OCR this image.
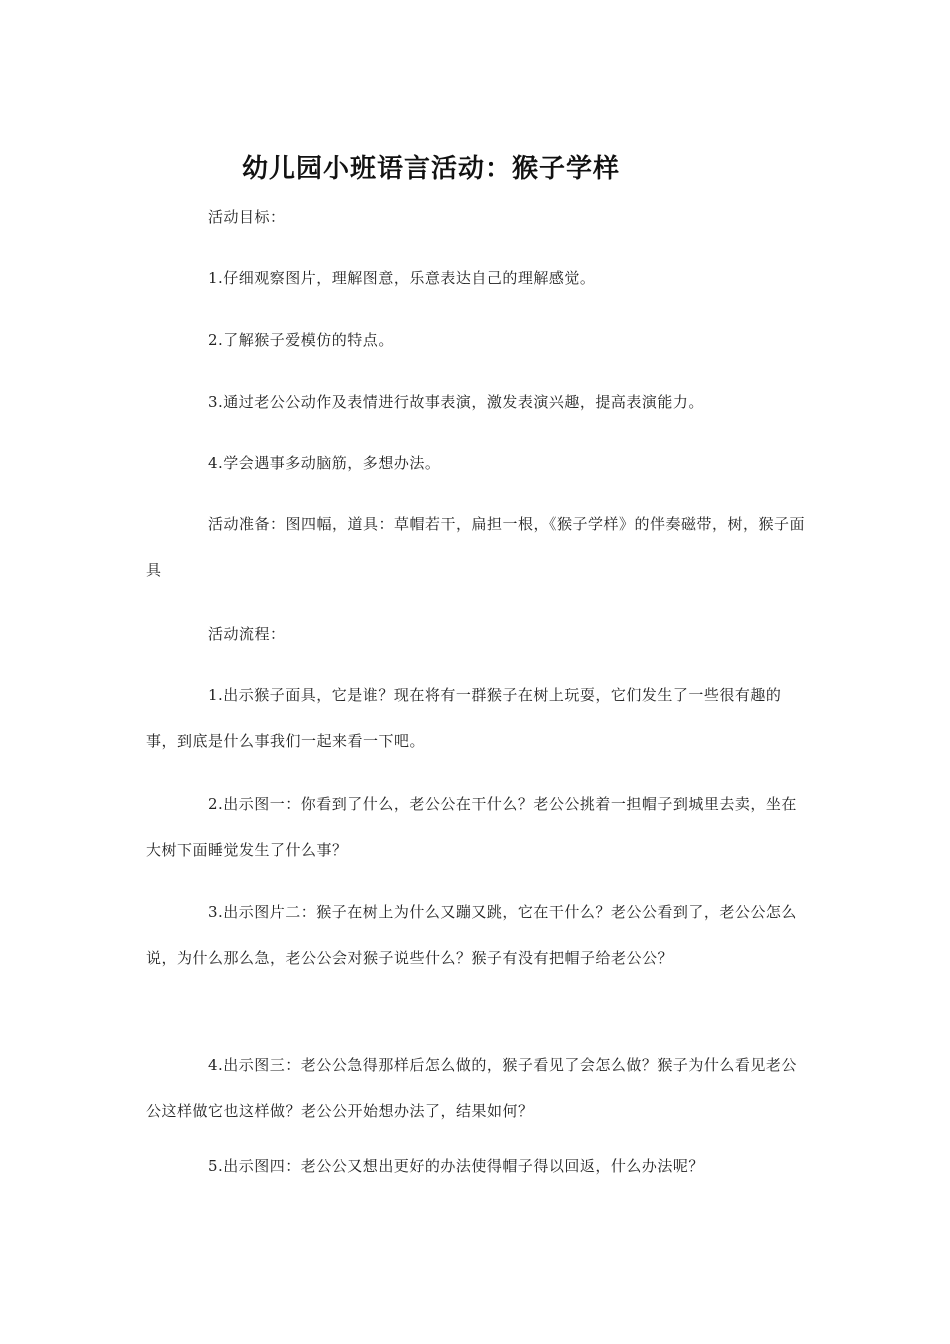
幼儿园小班语言活动：猴子学样

活动目标：

1.仔细观察图片，理解图意，乐意表达自己的理解感觉。

2.了解猴子爱模仿的特点。

3.通过老公公动作及表情进行故事表演，激发表演兴趣，提高表演能力。

4.学会遇事多动脑筋，多想办法。

活动准备：图四幅，道具：草帽若干，扁担一根，《猴子学样》的伴奏磁带，树，猴子面具

活动流程：

1.出示猴子面具，它是谁？现在将有一群猴子在树上玩耍，它们发生了一些很有趣的事，到底是什么事我们一起来看一下吧。

2.出示图一：你看到了什么，老公公在干什么？老公公挑着一担帽子到城里去卖，坐在大树下面睡觉发生了什么事？

3.出示图片二：猴子在树上为什么又蹦又跳，它在干什么？老公公看到了，老公公怎么说，为什么那么急，老公公会对猴子说些什么？猴子有没有把帽子给老公公？

4.出示图三：老公公急得那样后怎么做的，猴子看见了会怎么做？猴子为什么看见老公公这样做它也这样做？老公公开始想办法了，结果如何？

5.出示图四：老公公又想出更好的办法使得帽子得以回返，什么办法呢？
